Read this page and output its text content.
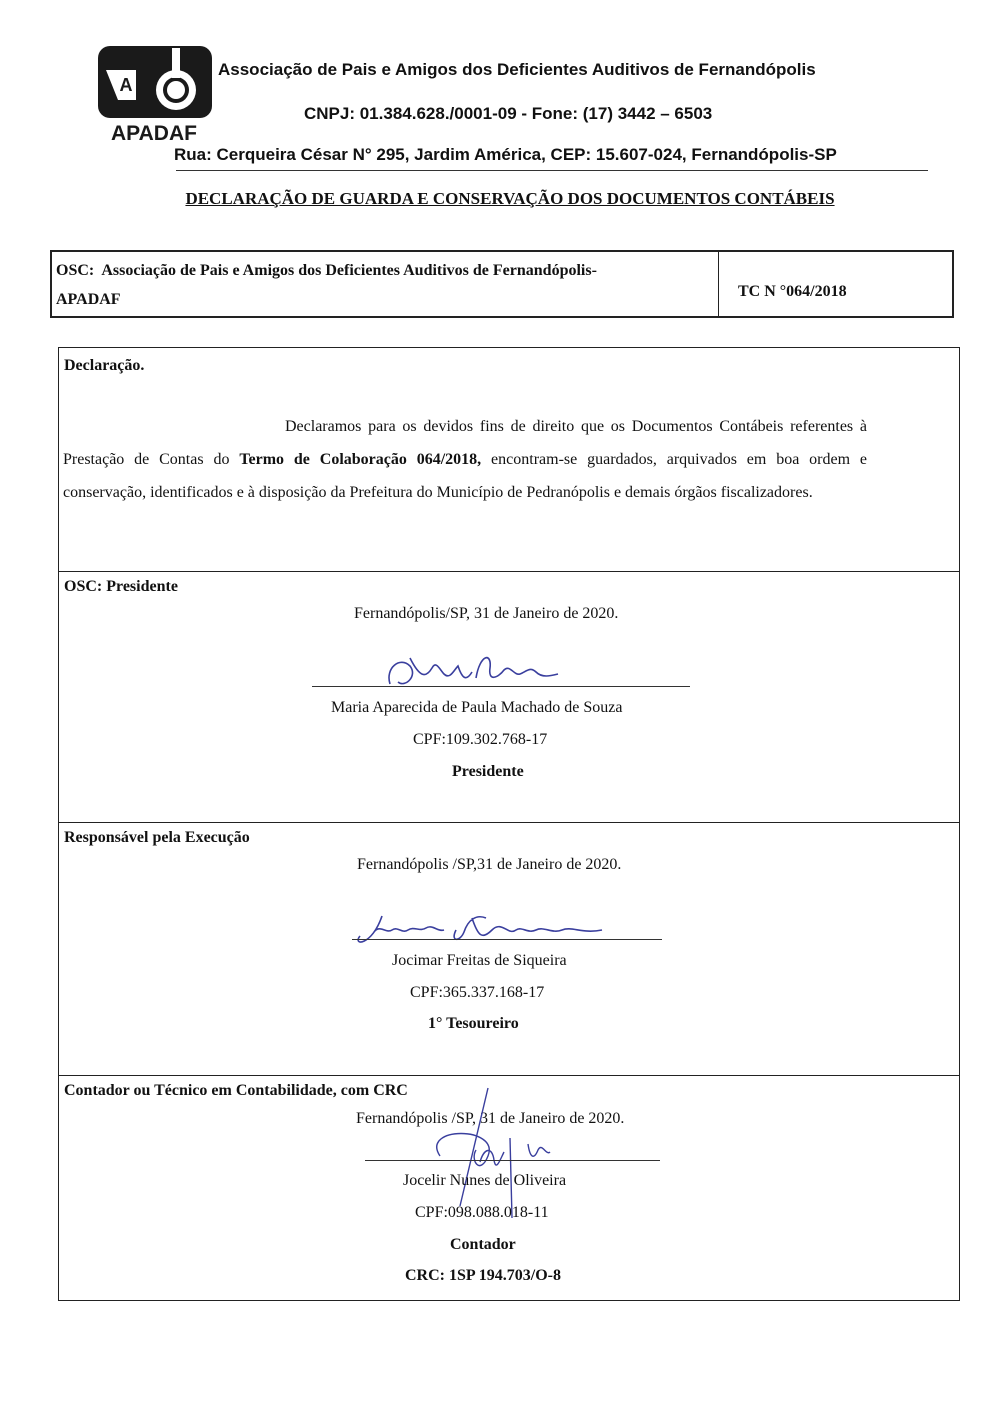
A
APADAF
Associação de Pais e Amigos dos Deficientes Auditivos de Fernandópolis
CNPJ: 01.384.628./0001-09 - Fone: (17) 3442 – 6503
Rua: Cerqueira César N° 295, Jardim América, CEP: 15.607-024, Fernandópolis-SP
DECLARAÇÃO DE GUARDA E CONSERVAÇÃO DOS DOCUMENTOS CONTÁBEIS
OSC: Associação de Pais e Amigos dos Deficientes Auditivos de Fernandópolis-
APADAF	TC N °064/2018
Declaração.

Declaramos para os devidos fins de direito que os Documentos Contábeis referentes à Prestação de Contas do Termo de Colaboração 064/2018, encontram-se guardados, arquivados em boa ordem e conservação, identificados e à disposição da Prefeitura do Município de Pedranópolis e demais órgãos fiscalizadores.

OSC: Presidente
Fernandópolis/SP, 31 de Janeiro de 2020.
Maria Aparecida de Paula Machado de Souza
CPF:109.302.768-17
Presidente
Responsável pela Execução
Fernandópolis /SP,31 de Janeiro de 2020.
Jocimar Freitas de Siqueira
CPF:365.337.168-17
1° Tesoureiro
Contador ou Técnico em Contabilidade, com CRC
Fernandópolis /SP, 31 de Janeiro de 2020.
Jocelir Nunes de Oliveira
CPF:098.088.018-11
Contador
CRC: 1SP 194.703/O-8
